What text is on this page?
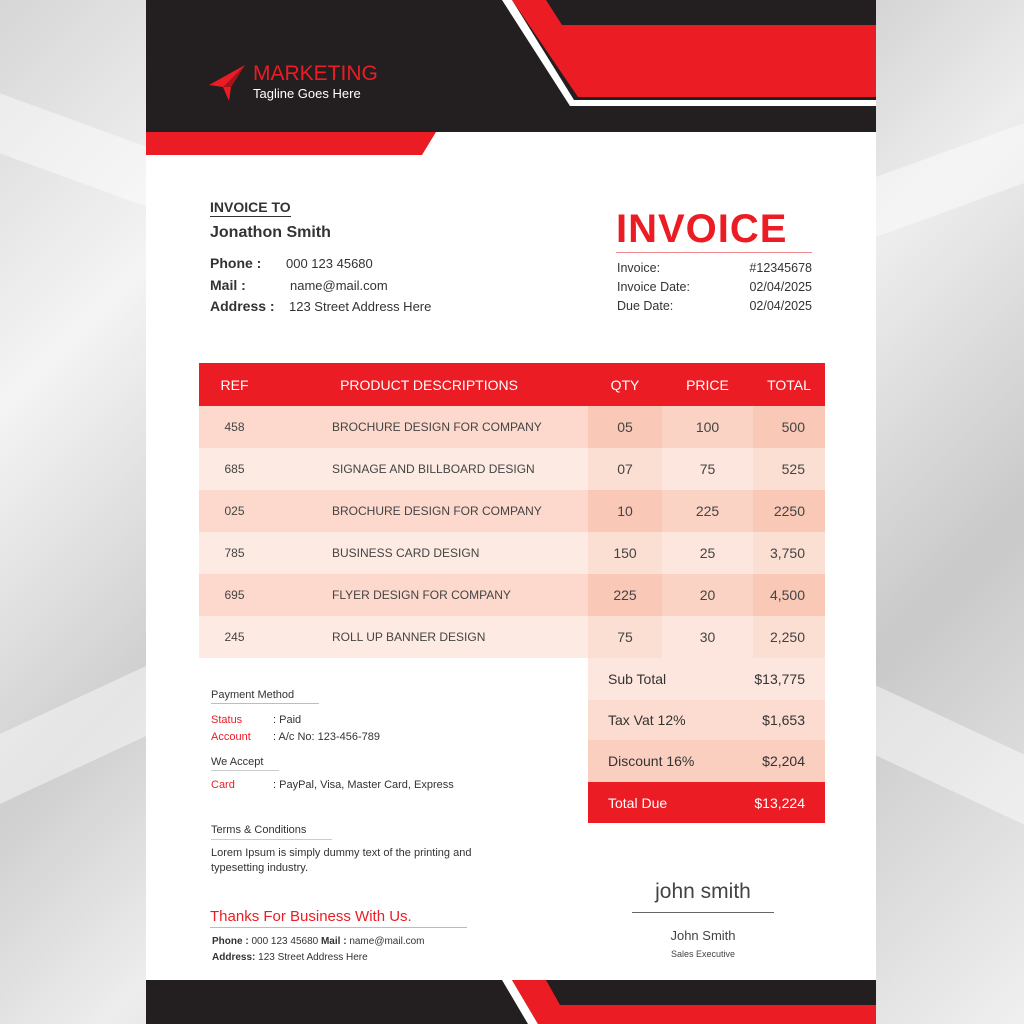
MARKETING
Tagline Goes Here
INVOICE TO
Jonathon Smith
Phone : 000 123 45680
Mail :	name@mail.com
Address : 123 Street Address Here
INVOICE
Invoice:	#12345678
Invoice Date:	02/04/2025
Due Date:	02/04/2025
REF	PRODUCT DESCRIPTIONS	QTY	PRICE	TOTAL
458	BROCHURE DESIGN FOR COMPANY	05	100	500
685	SIGNAGE AND BILLBOARD DESIGN	07	75	525
025	BROCHURE DESIGN FOR COMPANY	10	225	2250
785	BUSINESS CARD DESIGN	150	25	3,750
695	FLYER DESIGN FOR COMPANY	225	20	4,500
245	ROLL UP BANNER DESIGN	75	30	2,250
Sub Total	$13,775
Tax Vat 12%	$1,653
Discount 16%	$2,204
Total Due	$13,224
Payment Method
Status	: Paid
Account : A/c No: 123-456-789
We Accept
Card	: PayPal, Visa, Master Card, Express
Terms & Conditions
Lorem Ipsum is simply dummy text of the printing and typesetting industry.
Thanks For Business With Us.
Phone : 000 123 45680 Mail : name@mail.com
Address: 123 Street Address Here
john smith
John Smith
Sales Executive
